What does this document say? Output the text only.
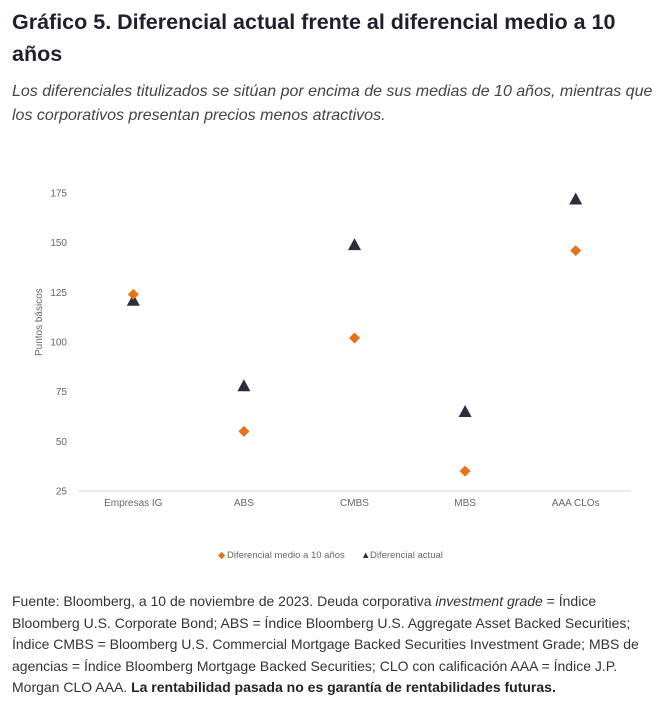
Gráfico 5. Diferencial actual frente al diferencial medio a 10 años
Los diferenciales titulizados se sitúan por encima de sus medias de 10 años, mientras que los corporativos presentan precios menos atractivos.
Puntos básicos
25
50
75
100
125
150
175
Empresas IG	ABS	CMBS	MBS	AAA CLOs
◆ Diferencial medio a 10 años ▲ Diferencial actual
Fuente: Bloomberg, a 10 de noviembre de 2023. Deuda corporativa investment grade = Índice Bloomberg U.S. Corporate Bond; ABS = Índice Bloomberg U.S. Aggregate Asset Backed Securities; Índice CMBS = Bloomberg U.S. Commercial Mortgage Backed Securities Investment Grade; MBS de agencias = Índice Bloomberg Mortgage Backed Securities; CLO con calificación AAA = Índice J.P. Morgan CLO AAA. La rentabilidad pasada no es garantía de rentabilidades futuras.
